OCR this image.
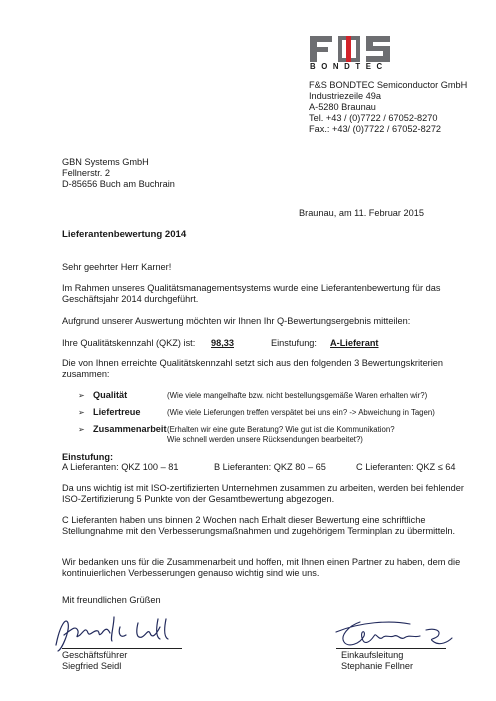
BONDTEC
F&S BONDTEC Semiconductor GmbH
Industriezeile 49a
A-5280 Braunau
Tel. +43 / (0)7722 / 67052-8270
Fax.: +43/ (0)7722 / 67052-8272
GBN Systems GmbH
Fellnerstr. 2
D-85656 Buch am Buchrain
Braunau, am 11. Februar 2015
Lieferantenbewertung 2014
Sehr geehrter Herr Karner!
Im Rahmen unseres Qualitätsmanagementsystems wurde eine Lieferantenbewertung für das
Geschäftsjahr 2014 durchgeführt.
Aufgrund unserer Auswertung möchten wir Ihnen Ihr Q-Bewertungsergebnis mitteilen:
Ihre Qualitätskennzahl (QKZ) ist: 98,33	Einstufung: A-Lieferant
Die von Ihnen erreichte Qualitätskennzahl setzt sich aus den folgenden 3 Bewertungskriterien
zusammen:
➢ Qualität	(Wie viele mangelhafte bzw. nicht bestellungsgemäße Waren erhalten wir?)
➢ Liefertreue	(Wie viele Lieferungen treffen verspätet bei uns ein? -> Abweichung in Tagen)
➢ Zusammenarbeit (Erhalten wir eine gute Beratung? Wie gut ist die Kommunikation?
Wie schnell werden unsere Rücksendungen bearbeitet?)
Einstufung:
A Lieferanten: QKZ 100 – 81	B Lieferanten: QKZ 80 – 65	C Lieferanten: QKZ ≤ 64
Da uns wichtig ist mit ISO-zertifizierten Unternehmen zusammen zu arbeiten, werden bei fehlender
ISO-Zertifizierung 5 Punkte von der Gesamtbewertung abgezogen.
C Lieferanten haben uns binnen 2 Wochen nach Erhalt dieser Bewertung eine schriftliche
Stellungnahme mit den Verbesserungsmaßnahmen und zugehörigem Terminplan zu übermitteln.
Wir bedanken uns für die Zusammenarbeit und hoffen, mit Ihnen einen Partner zu haben, dem die
kontinuierlichen Verbesserungen genauso wichtig sind wie uns.
Mit freundlichen Grüßen
Geschäftsführer
Siegfried Seidl
Einkaufsleitung
Stephanie Fellner
